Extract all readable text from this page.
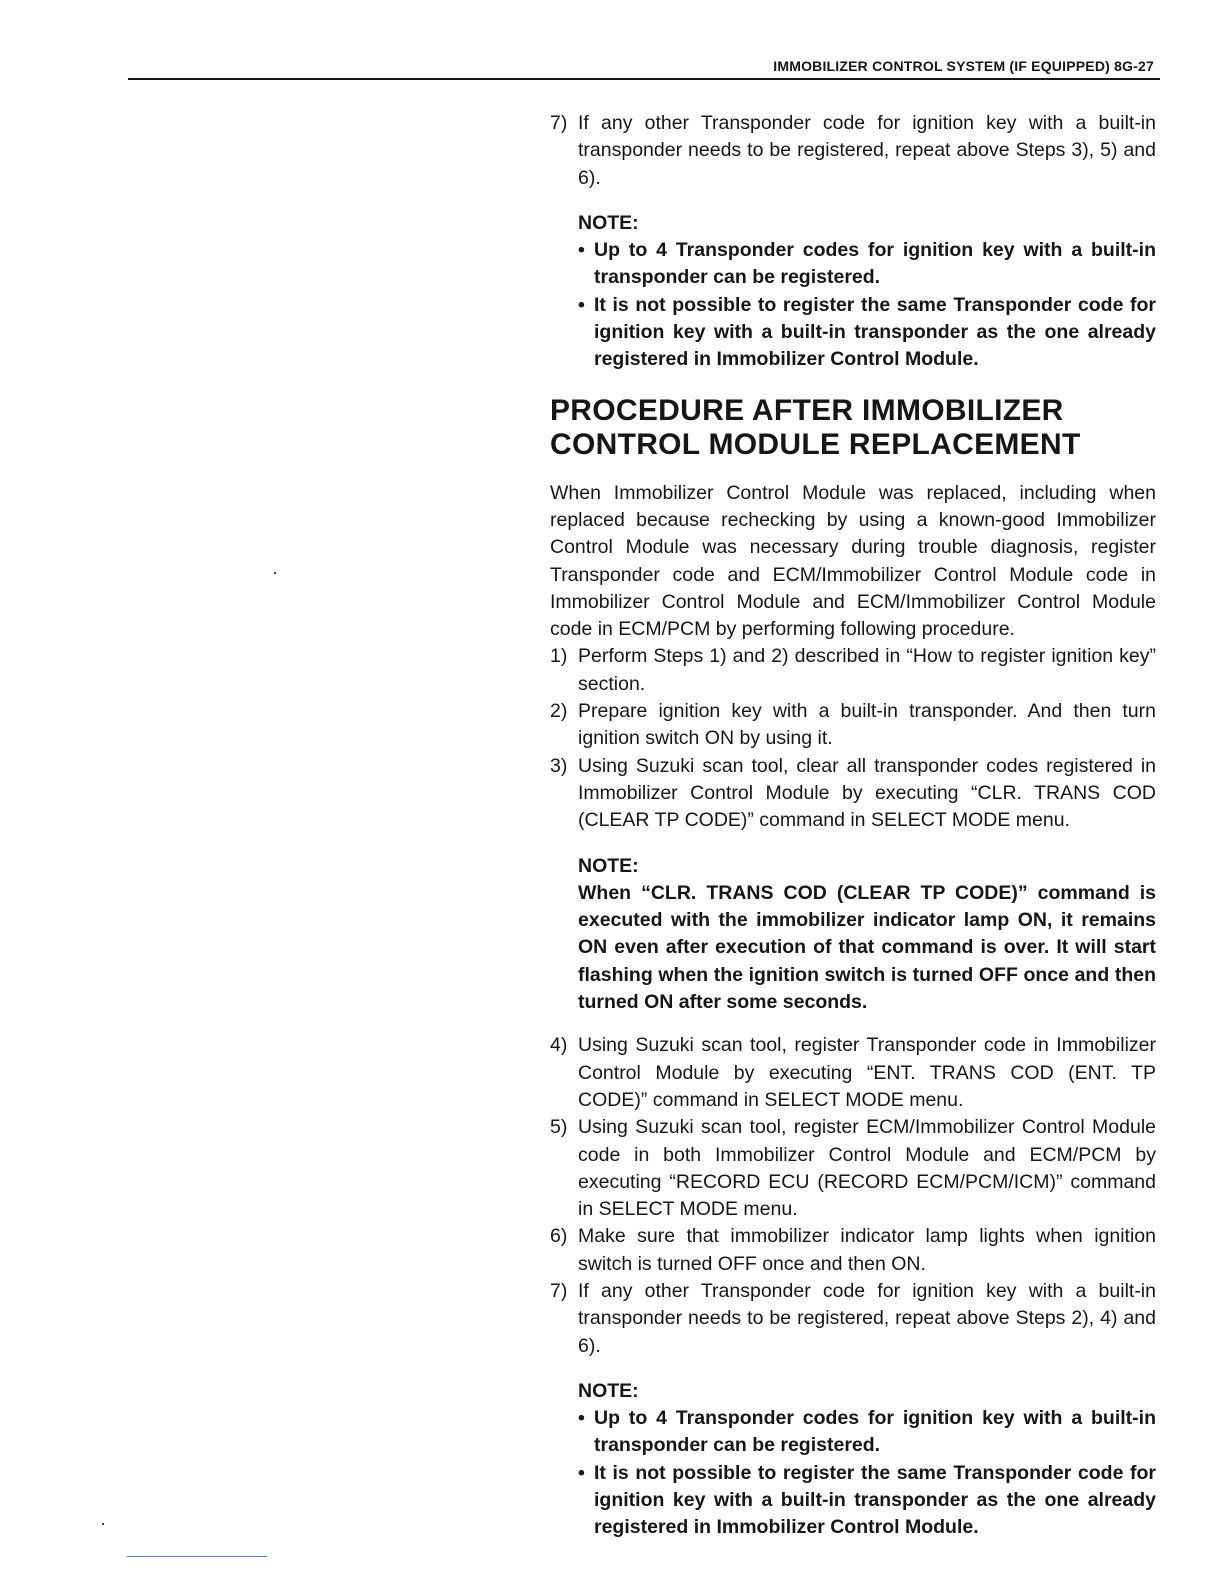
IMMOBILIZER CONTROL SYSTEM (IF EQUIPPED) 8G-27
7) If any other Transponder code for ignition key with a built-in transponder needs to be registered, repeat above Steps 3), 5) and 6).
NOTE:
• Up to 4 Transponder codes for ignition key with a built-in transponder can be registered.
• It is not possible to register the same Transponder code for ignition key with a built-in transponder as the one already registered in Immobilizer Control Module.
PROCEDURE AFTER IMMOBILIZER
CONTROL MODULE REPLACEMENT
When Immobilizer Control Module was replaced, including when replaced because rechecking by using a known-good Immobilizer Control Module was necessary during trouble diagnosis, register Transponder code and ECM/Immobilizer Control Module code in Immobilizer Control Module and ECM/Immobilizer Control Module code in ECM/PCM by performing following procedure.
1) Perform Steps 1) and 2) described in “How to register ignition key” section.
2) Prepare ignition key with a built-in transponder. And then turn ignition switch ON by using it.
3) Using Suzuki scan tool, clear all transponder codes registered in Immobilizer Control Module by executing “CLR. TRANS COD (CLEAR TP CODE)” command in SELECT MODE menu.
NOTE:
When “CLR. TRANS COD (CLEAR TP CODE)” command is executed with the immobilizer indicator lamp ON, it remains ON even after execution of that command is over. It will start flashing when the ignition switch is turned OFF once and then turned ON after some seconds.
4) Using Suzuki scan tool, register Transponder code in Immobilizer Control Module by executing “ENT. TRANS COD (ENT. TP CODE)” command in SELECT MODE menu.
5) Using Suzuki scan tool, register ECM/Immobilizer Control Module code in both Immobilizer Control Module and ECM/PCM by executing “RECORD ECU (RECORD ECM/PCM/ICM)” command in SELECT MODE menu.
6) Make sure that immobilizer indicator lamp lights when ignition switch is turned OFF once and then ON.
7) If any other Transponder code for ignition key with a built-in transponder needs to be registered, repeat above Steps 2), 4) and 6).
NOTE:
• Up to 4 Transponder codes for ignition key with a built-in transponder can be registered.
• It is not possible to register the same Transponder code for ignition key with a built-in transponder as the one already registered in Immobilizer Control Module.
